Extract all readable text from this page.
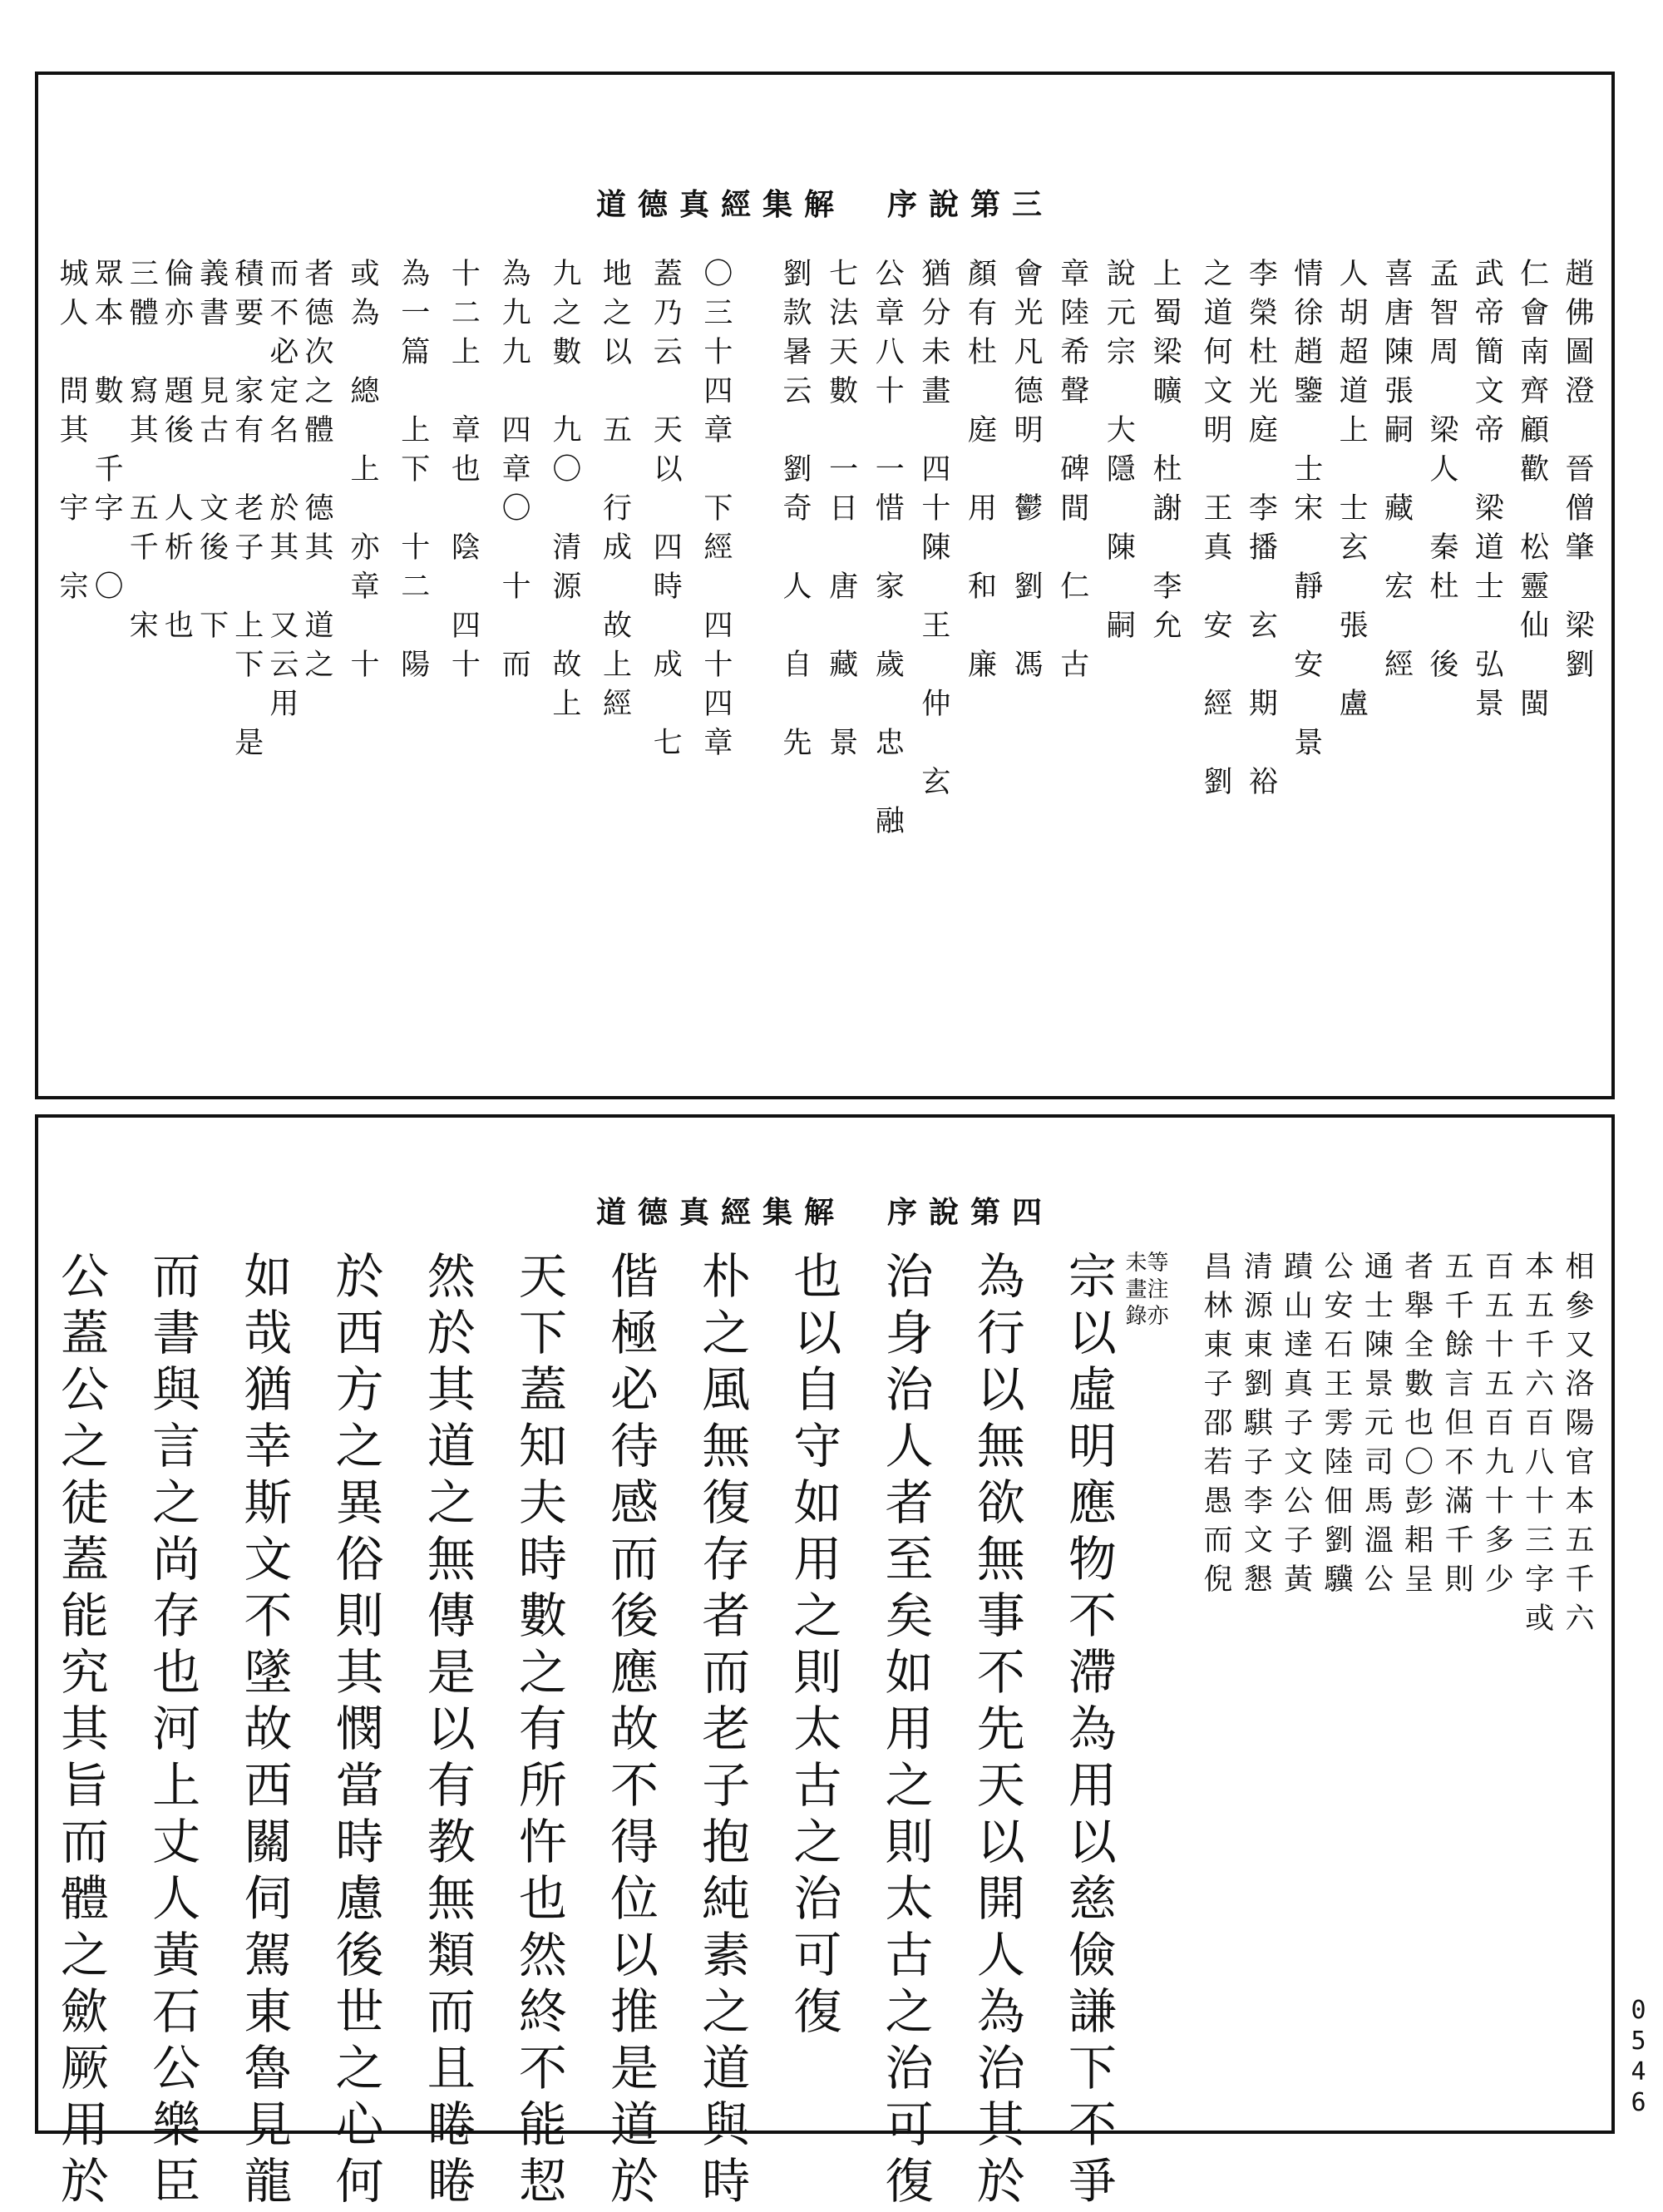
道德真經集解　序說第三
趙佛圖澄　晉僧肇　梁劉
仁會南齊顧歡　松靈仙　閩
武帝簡文帝　梁道士　弘景
孟智周　梁人　秦杜　後
喜唐陳張嗣　藏　宏　經
人胡超道上　士玄　張　盧
情徐趙鑒　士宋　靜　安　景
李榮杜光庭　李播　玄　期　裕
之道何文明　王真　安　經　劉
上蜀梁曠　杜謝　李允
說元宗　大隱　陳　嗣
章陸希聲　碑間　仁　古
會光凡德明　鬱　劉　馮
顏有杜　庭　用　和　廉
猶分未畫　四十陳　王　仲　玄
公章八十　一惜　家　歲　忠　融
七法天數　一日　唐　藏　景
劉款暑云　劉奇　人　自　先
〇三十四章　下經　四十四章
蓋乃云　天以　四時　成　七
地之以　五　行成　故上經
九之數　九〇　清源　故上
為九九　四章〇　十　而
十二上　章也　陰　四十
為一篇　上下　十二　陽
或為　總　上　亦章　十
者德次之體　德其　道之
而不必定名　於其　又云用
積要　家有　老子　上下　是
義書　見古　文後　下
倫亦　題後　人析　也
三體　寫其　五千　宋
眾本　數　千字　〇
城人　問其　宇　宗
道德真經集解　序說第四
相參又洛陽官本五千六
本五千六百八十三字或
百五十五百九十多少
五千餘言但不滿千則
者舉全數也〇彭耜呈
通士陳景元司馬溫公
公安石王雱陸佃劉驥
蹟山達真子文公子黃
清源東劉騏子李文懇
昌林東子邵若愚而倪
等注亦
未畫錄
宗以虛明應物不滯為用以慈儉謙下不爭
為行以無欲無事不先天以開人為治其於
治身治人者至矣如用之則太古之治可復
也以自守如用之則太古之治可復
朴之風無復存者而老子抱純素之道與時
偕極必待感而後應故不得位以推是道於
天下蓋知夫時數之有所忤也然終不能恝
然於其道之無傳是以有教無類而且睠睠
於西方之異俗則其憫當時慮後世之心何
如哉猶幸斯文不墜故西關伺駕東魯見龍
而書與言之尚存也河上丈人黃石公樂臣
公蓋公之徒蓋能究其旨而體之歛厥用於	0546
